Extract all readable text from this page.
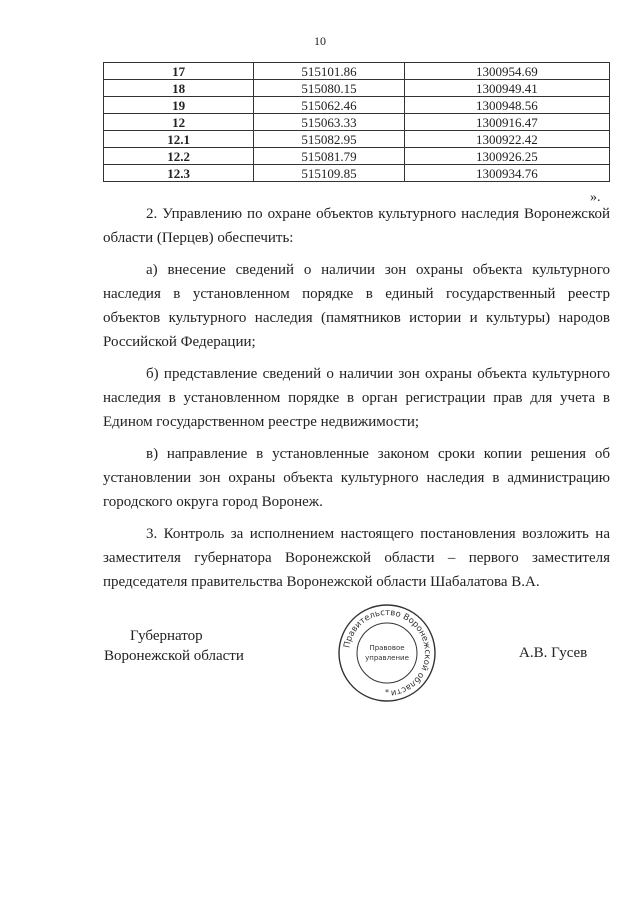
10
17	515101.86	1300954.69
18	515080.15	1300949.41
19	515062.46	1300948.56
12	515063.33	1300916.47
12.1	515082.95	1300922.42
12.2	515081.79	1300926.25
12.3	515109.85	1300934.76
».

2. Управлению по охране объектов культурного наследия Воронежской области (Перцев) обеспечить:

а) внесение сведений о наличии зон охраны объекта культурного наследия в установленном порядке в единый государственный реестр объектов культурного наследия (памятников истории и культуры) народов Российской Федерации;

б) представление сведений о наличии зон охраны объекта культурного наследия в установленном порядке в орган регистрации прав для учета в Едином государственном реестре недвижимости;

в) направление в установленные законом сроки копии решения об установлении зон охраны объекта культурного наследия в администрацию городского округа город Воронеж.

3. Контроль за исполнением настоящего постановления возложить на заместителя губернатора Воронежской области – первого заместителя председателя правительства Воронежской области Шабалатова В.А.

Губернатор
Воронежской области
Правительство Воронежской области
Правовое
управление
*
А.В. Гусев
